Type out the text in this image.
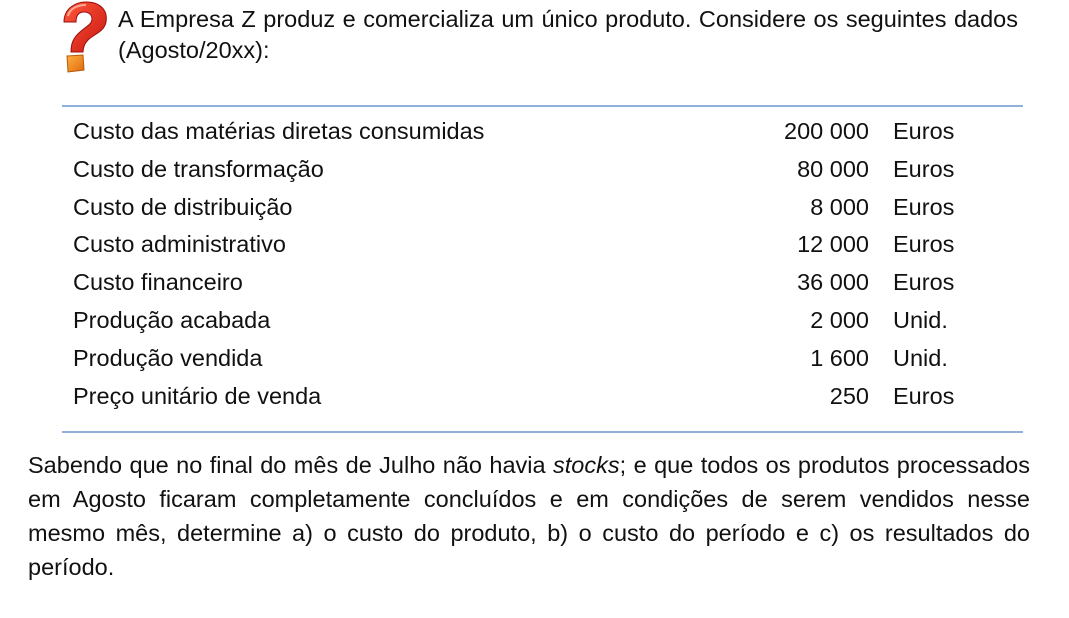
A Empresa Z produz e comercializa um único produto. Considere os seguintes dados (Agosto/20xx):
Custo das matérias diretas consumidas	200 000 Euros
Custo de transformação	80 000 Euros
Custo de distribuição	8 000 Euros
Custo administrativo	12 000 Euros
Custo financeiro	36 000 Euros
Produção acabada	2 000 Unid.
Produção vendida	1 600 Unid.
Preço unitário de venda	250 Euros
Sabendo que no final do mês de Julho não havia stocks; e que todos os produtos processados em Agosto ficaram completamente concluídos e em condições de serem vendidos nesse mesmo mês, determine a) o custo do produto, b) o custo do período e c) os resultados do período.
